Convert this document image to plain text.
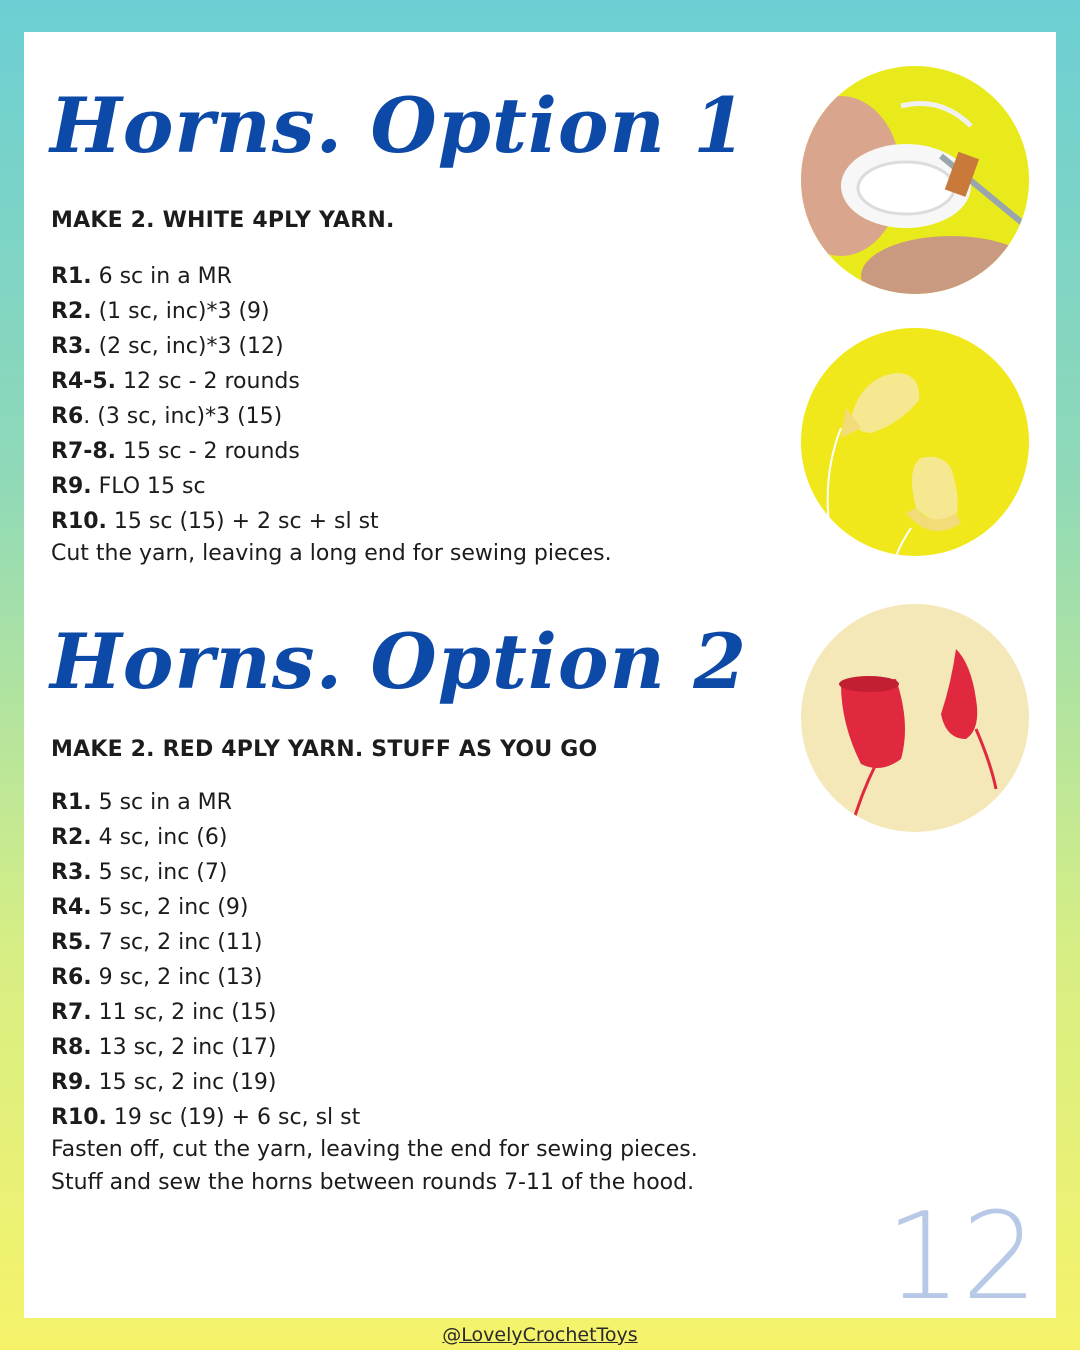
Horns. Option 1

MAKE 2. WHITE 4PLY YARN.

R1. 6 sc in a MR
R2. (1 sc, inc)*3 (9)
R3. (2 sc, inc)*3 (12)
R4-5. 12 sc - 2 rounds
R6. (3 sc, inc)*3 (15)
R7-8. 15 sc - 2 rounds
R9. FLO 15 sc
R10. 15 sc (15) + 2 sc + sl st

Cut the yarn, leaving a long end for sewing pieces.

Horns. Option 2

MAKE 2. RED 4PLY YARN. STUFF AS YOU GO

R1. 5 sc in a MR
R2. 4 sc, inc (6)
R3. 5 sc, inc (7)
R4. 5 sc, 2 inc (9)
R5. 7 sc, 2 inc (11)
R6. 9 sc, 2 inc (13)
R7. 11 sc, 2 inc (15)
R8. 13 sc, 2 inc (17)
R9. 15 sc, 2 inc (19)
R10. 19 sc (19) + 6 sc, sl st

Fasten off, cut the yarn, leaving the end for sewing pieces.

Stuff and sew the horns between rounds 7-11 of the hood.

12
@LovelyCrochetToys
